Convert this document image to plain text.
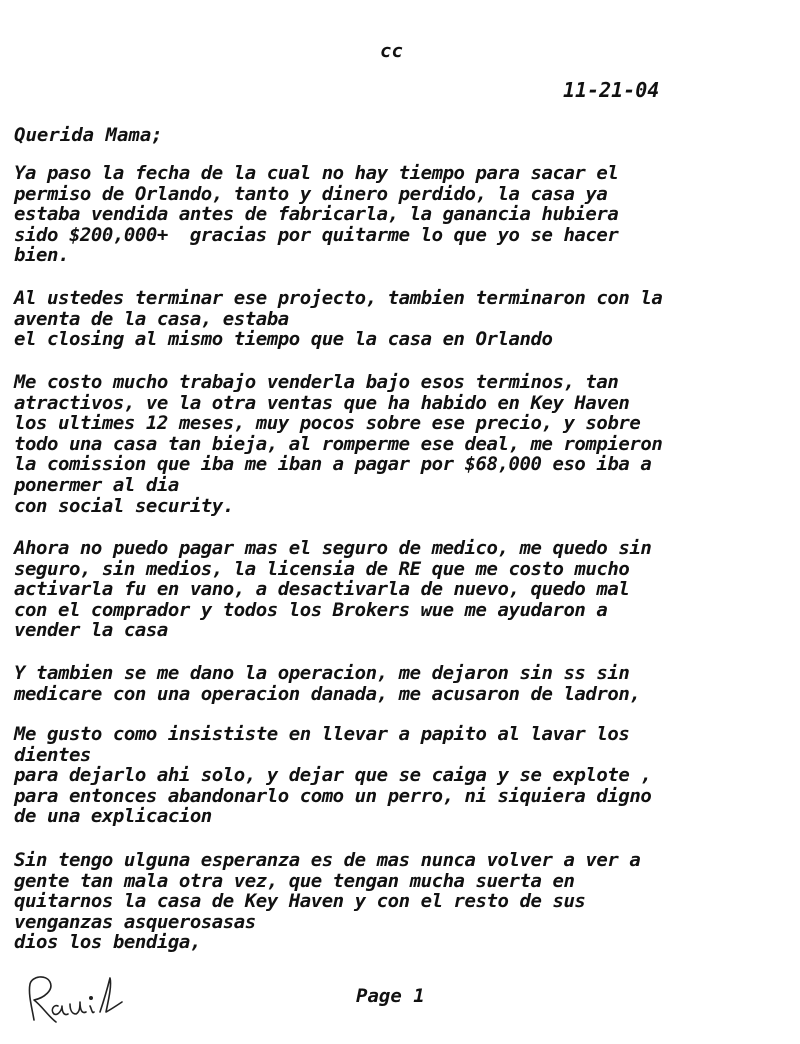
cc
11-21-04
Querida Mama;
Ya paso la fecha de la cual no hay tiempo para sacar el
permiso de Orlando, tanto y dinero perdido, la casa ya
estaba vendida antes de fabricarla, la ganancia hubiera
sido $200,000+  gracias por quitarme lo que yo se hacer
bien.
Al ustedes terminar ese projecto, tambien terminaron con la
aventa de la casa, estaba
el closing al mismo tiempo que la casa en Orlando
Me costo mucho trabajo venderla bajo esos terminos, tan
atractivos, ve la otra ventas que ha habido en Key Haven
los ultimes 12 meses, muy pocos sobre ese precio, y sobre
todo una casa tan bieja, al romperme ese deal, me rompieron
la comission que iba me iban a pagar por $68,000 eso iba a
ponermer al dia
con social security.
Ahora no puedo pagar mas el seguro de medico, me quedo sin
seguro, sin medios, la licensia de RE que me costo mucho
activarla fu en vano, a desactivarla de nuevo, quedo mal
con el comprador y todos los Brokers wue me ayudaron a
vender la casa
Y tambien se me dano la operacion, me dejaron sin ss sin
medicare con una operacion danada, me acusaron de ladron,
Me gusto como insististe en llevar a papito al lavar los
dientes
para dejarlo ahi solo, y dejar que se caiga y se explote ,
para entonces abandonarlo como un perro, ni siquiera digno
de una explicacion
Sin tengo ulguna esperanza es de mas nunca volver a ver a
gente tan mala otra vez, que tengan mucha suerta en
quitarnos la casa de Key Haven y con el resto de sus
venganzas asquerosasas
dios los bendiga,
Page 1
